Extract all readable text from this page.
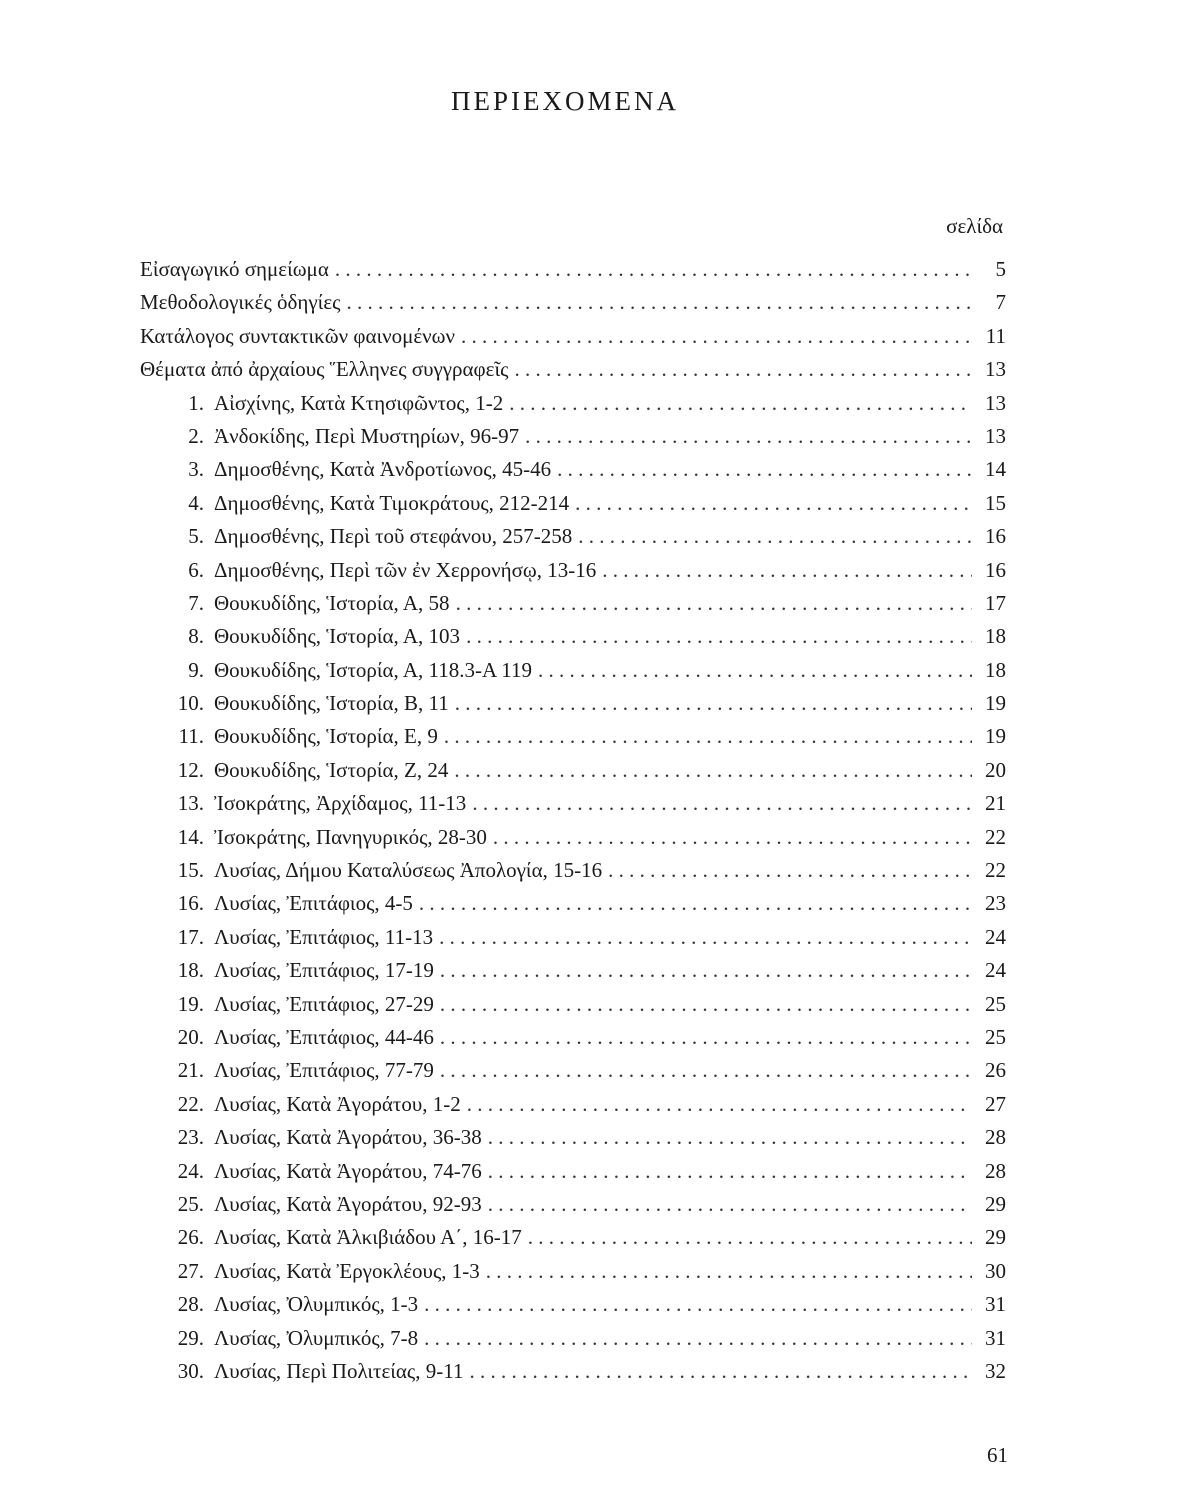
ΠΕΡΙΕΧΟΜΕΝΑ
σελίδα
Εἰσαγωγικό σημείωμα . . .	5
Μεθοδολογικές ὁδηγίες . . .	7
Κατάλογος συντακτικῶν φαινομένων . . .	11
Θέματα ἀπό ἀρχαίους Ἕλληνες συγγραφεῖς . . .	13
1. Αἰσχίνης, Κατὰ Κτησιφῶντος, 1-2 . . .	13
2. Ἀνδοκίδης, Περὶ Μυστηρίων, 96-97 . . .	13
3. Δημοσθένης, Κατὰ Ἀνδροτίωνος, 45-46 . . .	14
4. Δημοσθένης, Κατὰ Τιμοκράτους, 212-214 . . .	15
5. Δημοσθένης, Περὶ τοῦ στεφάνου, 257-258 . . .	16
6. Δημοσθένης, Περὶ τῶν ἐν Χερρονήσῳ, 13-16 . . .	16
7. Θουκυδίδης, Ἱστορία, Α, 58 . . .	17
8. Θουκυδίδης, Ἱστορία, Α, 103 . . .	18
9. Θουκυδίδης, Ἱστορία, Α, 118.3-Α 119 . . .	18
10. Θουκυδίδης, Ἱστορία, Β, 11 . . .	19
11. Θουκυδίδης, Ἱστορία, Ε, 9 . . .	19
12. Θουκυδίδης, Ἱστορία, Ζ, 24 . . .	20
13. Ἰσοκράτης, Ἀρχίδαμος, 11-13 . . .	21
14. Ἰσοκράτης, Πανηγυρικός, 28-30 . . .	22
15. Λυσίας, Δήμου Καταλύσεως Ἀπολογία, 15-16 . . .	22
16. Λυσίας, Ἐπιτάφιος, 4-5 . . .	23
17. Λυσίας, Ἐπιτάφιος, 11-13 . . .	24
18. Λυσίας, Ἐπιτάφιος, 17-19 . . .	24
19. Λυσίας, Ἐπιτάφιος, 27-29 . . .	25
20. Λυσίας, Ἐπιτάφιος, 44-46 . . .	25
21. Λυσίας, Ἐπιτάφιος, 77-79 . . .	26
22. Λυσίας, Κατὰ Ἀγοράτου, 1-2 . . .	27
23. Λυσίας, Κατὰ Ἀγοράτου, 36-38 . . .	28
24. Λυσίας, Κατὰ Ἀγοράτου, 74-76 . . .	28
25. Λυσίας, Κατὰ Ἀγοράτου, 92-93 . . .	29
26. Λυσίας, Κατὰ Ἀλκιβιάδου Α΄, 16-17 . . .	29
27. Λυσίας, Κατὰ Ἐργοκλέους, 1-3 . . .	30
28. Λυσίας, Ὀλυμπικός, 1-3 . . .	31
29. Λυσίας, Ὀλυμπικός, 7-8 . . .	31
30. Λυσίας, Περὶ Πολιτείας, 9-11 . . .	32
61
